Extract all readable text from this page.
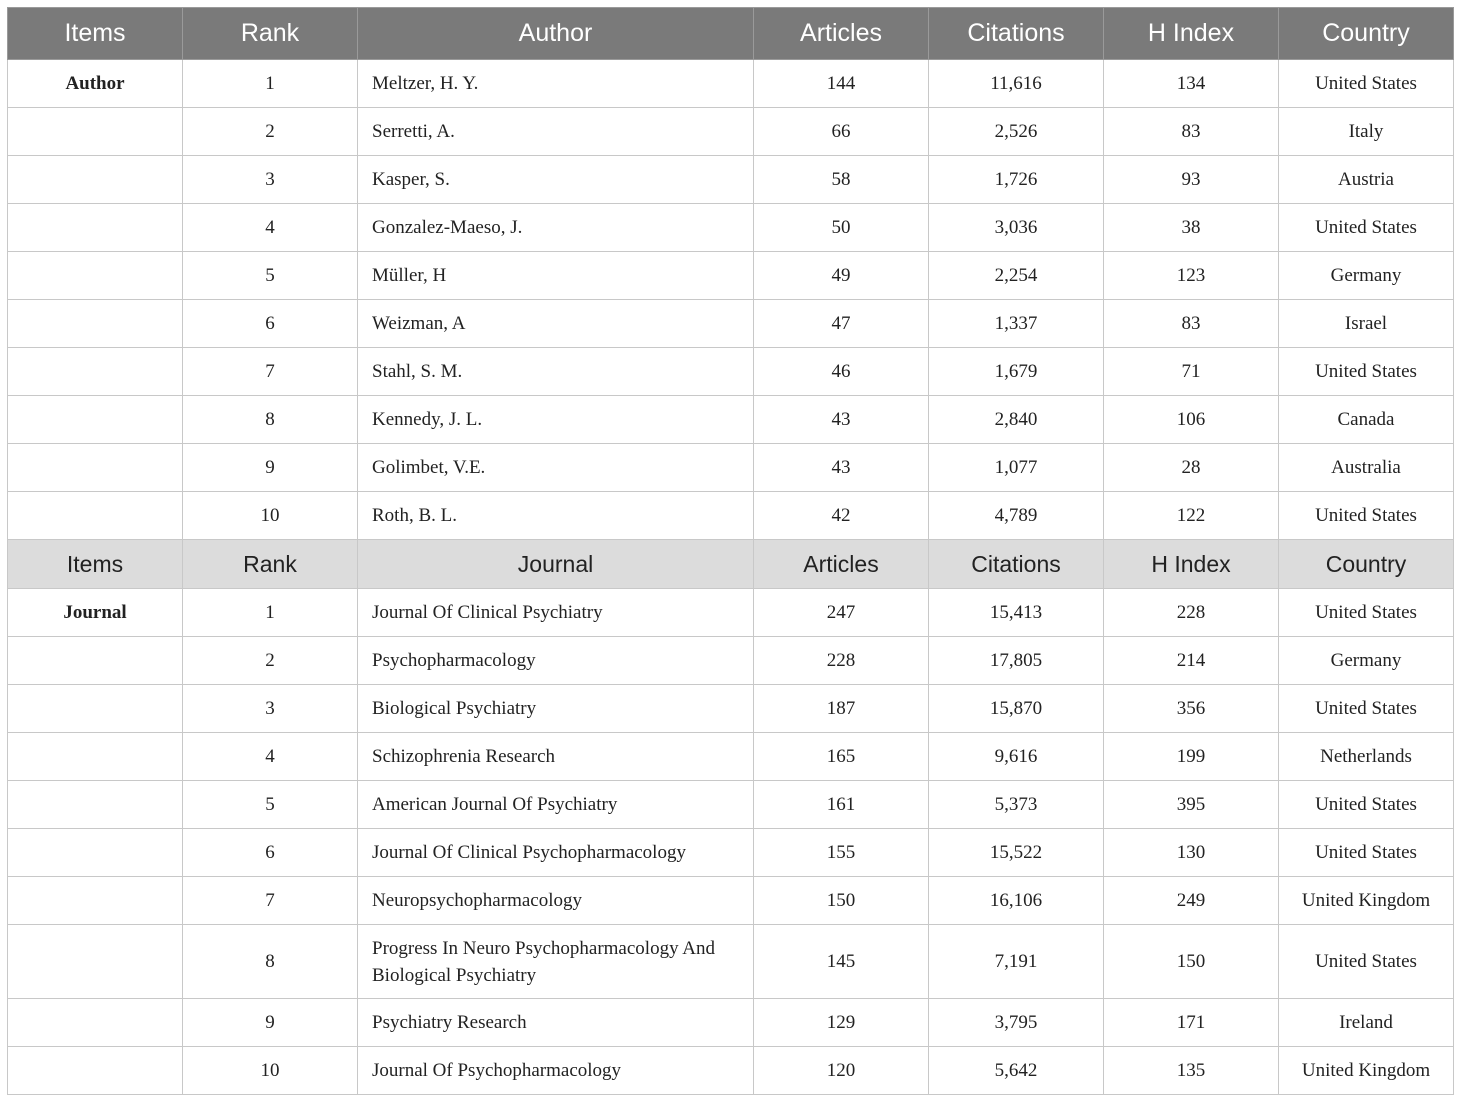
Items	Rank	Author	Articles	Citations	H Index	Country
Author	1	Meltzer, H. Y.	144	11,616	134	United States
	2	Serretti, A.	66	2,526	83	Italy
	3	Kasper, S.	58	1,726	93	Austria
	4	Gonzalez-Maeso, J.	50	3,036	38	United States
	5	Müller, H	49	2,254	123	Germany
	6	Weizman, A	47	1,337	83	Israel
	7	Stahl, S. M.	46	1,679	71	United States
	8	Kennedy, J. L.	43	2,840	106	Canada
	9	Golimbet, V.E.	43	1,077	28	Australia
	10	Roth, B. L.	42	4,789	122	United States
Items	Rank	Journal	Articles	Citations	H Index	Country
Journal	1	Journal Of Clinical Psychiatry	247	15,413	228	United States
	2	Psychopharmacology	228	17,805	214	Germany
	3	Biological Psychiatry	187	15,870	356	United States
	4	Schizophrenia Research	165	9,616	199	Netherlands
	5	American Journal Of Psychiatry	161	5,373	395	United States
	6	Journal Of Clinical Psychopharmacology	155	15,522	130	United States
	7	Neuropsychopharmacology	150	16,106	249	United Kingdom
	8	Progress In Neuro Psychopharmacology And Biological Psychiatry	145	7,191	150	United States
	9	Psychiatry Research	129	3,795	171	Ireland
	10	Journal Of Psychopharmacology	120	5,642	135	United Kingdom
